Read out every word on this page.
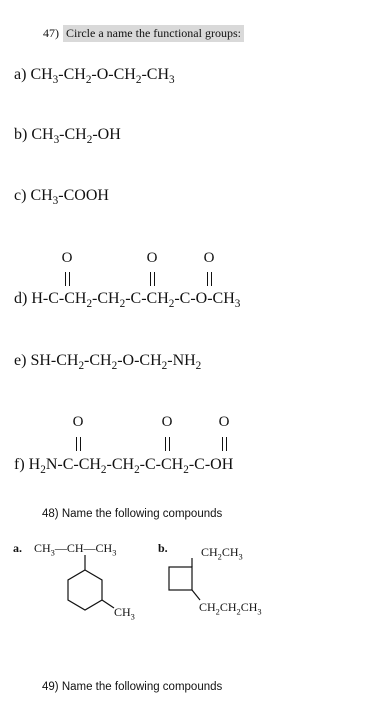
47) Circle a name the functional groups:
a) $CH_3-CH_2-O-CH_2-CH_3$
b) $CH_3-CH_2-OH$
c) $CH_3$-COOH
O	O	O
d) $H-C-CH_2-CH_2-C-CH_2-C-O-CH_3$
e) $SH-CH_2-CH_2-O-CH_2-NH_2$
O	O	O
f) $H_2N-C-CH_2-CH_2-C-CH_2-C-OH$
48) Name the following compounds
a. $CH_3—CH—CH_3$
$CH_3$
b.	$CH_2CH_3$
$CH_2CH_2CH_3$
49) Name the following compounds
